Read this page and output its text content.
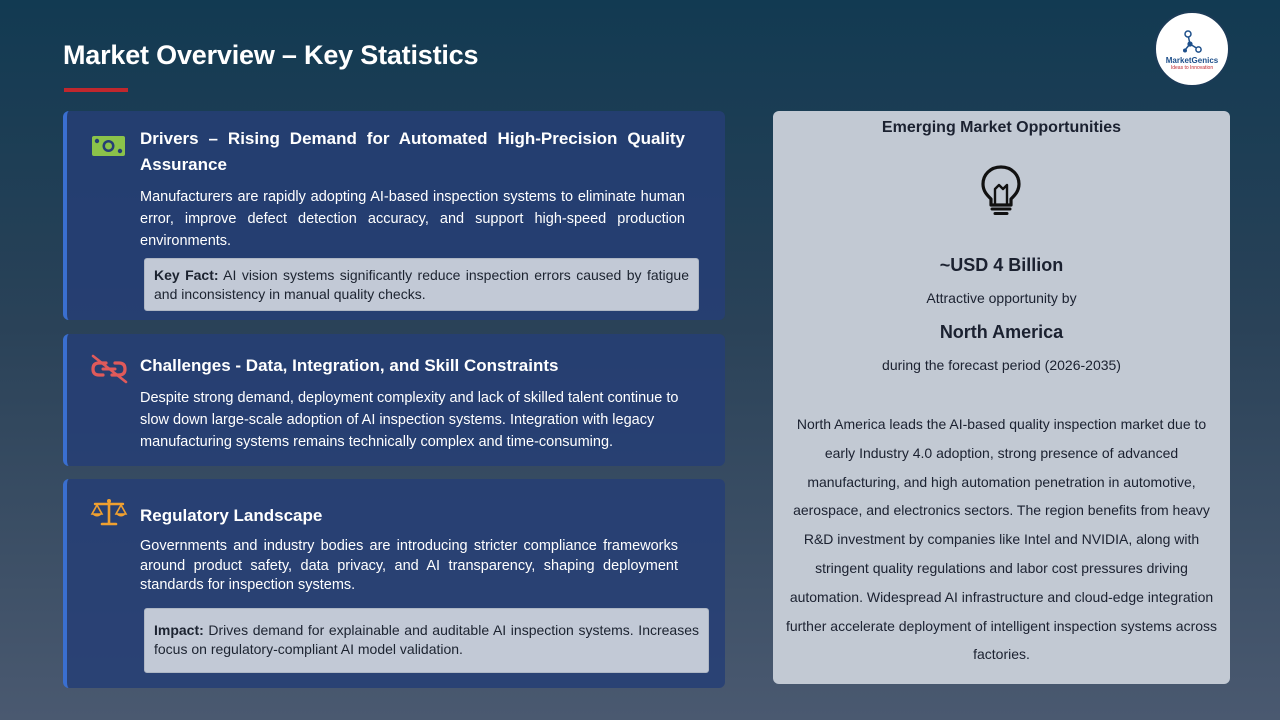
Market Overview – Key Statistics	MarketGenics
Ideas to Innovation
Drivers – Rising Demand for Automated High-Precision Quality Assurance
Manufacturers are rapidly adopting AI-based inspection systems to eliminate human error, improve defect detection accuracy, and support high-speed production environments.
Key Fact: AI vision systems significantly reduce inspection errors caused by fatigue and inconsistency in manual quality checks.
Challenges - Data, Integration, and Skill Constraints
Despite strong demand, deployment complexity and lack of skilled talent continue to slow down large-scale adoption of AI inspection systems. Integration with legacy manufacturing systems remains technically complex and time-consuming.
Regulatory Landscape
Governments and industry bodies are introducing stricter compliance frameworks around product safety, data privacy, and AI transparency, shaping deployment standards for inspection systems.
Impact: Drives demand for explainable and auditable AI inspection systems. Increases focus on regulatory-compliant AI model validation.
Emerging Market Opportunities
~USD 4 Billion
Attractive opportunity by
North America
during the forecast period (2026-2035)
North America leads the AI-based quality inspection market due to early Industry 4.0 adoption, strong presence of advanced manufacturing, and high automation penetration in automotive, aerospace, and electronics sectors. The region benefits from heavy R&D investment by companies like Intel and NVIDIA, along with stringent quality regulations and labor cost pressures driving automation. Widespread AI infrastructure and cloud-edge integration further accelerate deployment of intelligent inspection systems across factories.
